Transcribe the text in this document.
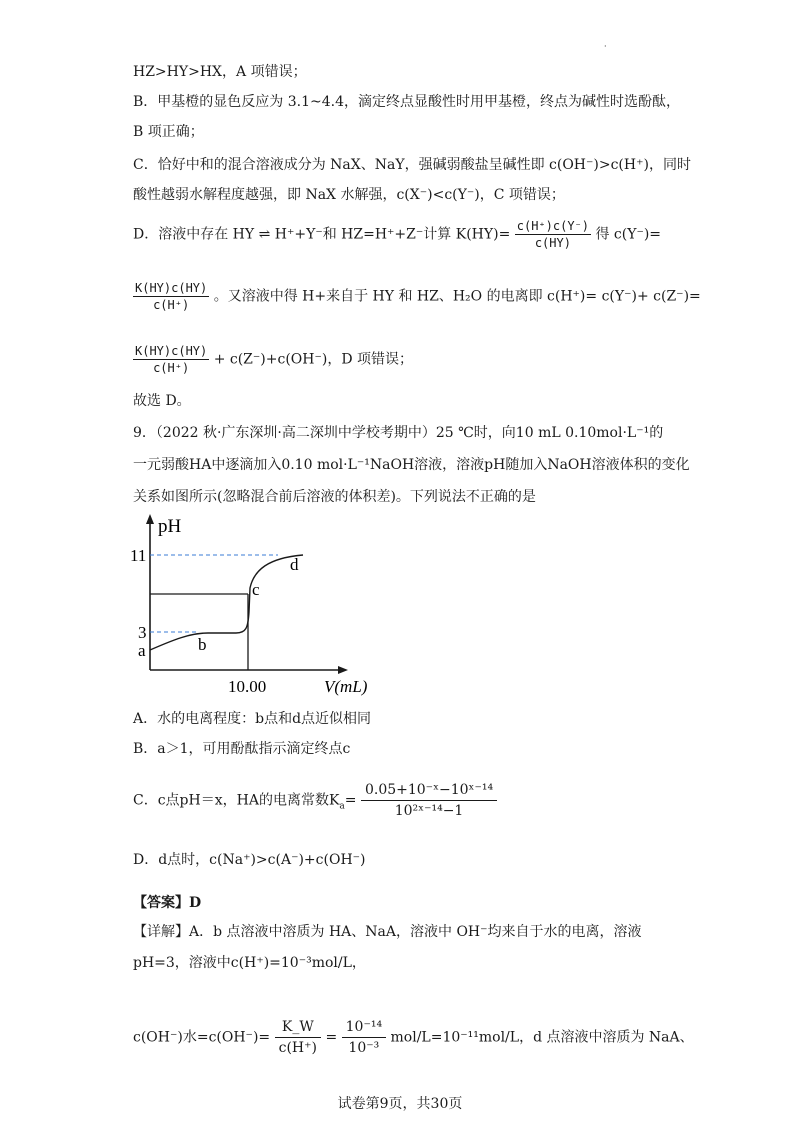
·
HZ>HY>HX，A 项错误；
B．甲基橙的显色反应为 3.1~4.4，滴定终点显酸性时用甲基橙，终点为碱性时选酚酞，
B 项正确；
C．恰好中和的混合溶液成分为 NaX、NaY，强碱弱酸盐呈碱性即 c(OH⁻)>c(H⁺)，同时
酸性越弱水解程度越强，即 NaX 水解强，c(X⁻)<c(Y⁻)，C 项错误；
D．溶液中存在 HY ⇌ H⁺+Y⁻和 HZ=H⁺+Z⁻计算 $K(HY)= \frac{c(H^+)c(Y^-)}{c(HY)}$ 得 c(Y⁻)=
$\frac{K(HY)c(HY)}{c(H^+)}$ 。又溶液中得 H+来自于 HY 和 HZ、H₂O 的电离即 c(H⁺)= c(Y⁻)+ c(Z⁻)=
$\frac{K(HY)c(HY)}{c(H^+)} + c(Z^-)+c(OH^-)$，D 项错误；
故选 D。
9．（2022 秋·广东深圳·高二深圳中学校考期中）25 ℃时，向10 mL 0.10mol·L⁻¹的
一元弱酸HA中逐滴加入0.10 mol·L⁻¹NaOH溶液，溶液pH随加入NaOH溶液体积的变化
关系如图所示(忽略混合前后溶液的体积差)。下列说法不正确的是
pH
11
3
a	b
c
d
10.00	V(mL)
A．水的电离程度：b点和d点近似相同
B．a＞1，可用酚酞指示滴定终点c
C．c点pH＝x，HA的电离常数$K_a= \frac{\text{0.05+10⁻ˣ−10ˣ⁻¹⁴}}{\text{10²ˣ⁻¹⁴−1}}$
D．d点时，c(Na⁺)>c(A⁻)+c(OH⁻)
【答案】D
【详解】A．b 点溶液中溶质为 HA、NaA，溶液中 OH⁻均来自于水的电离，溶液
pH=3，溶液中c(H⁺)=10⁻³mol/L，
c(OH⁻)水$=c(OH^-)= \frac{K\_W}{c(H^+)} = \frac{\text{10⁻¹⁴}}{\text{10⁻³}} mol/L=10^{-11}mol/L$，d 点溶液中溶质为 NaA、
试卷第9页，共30页
